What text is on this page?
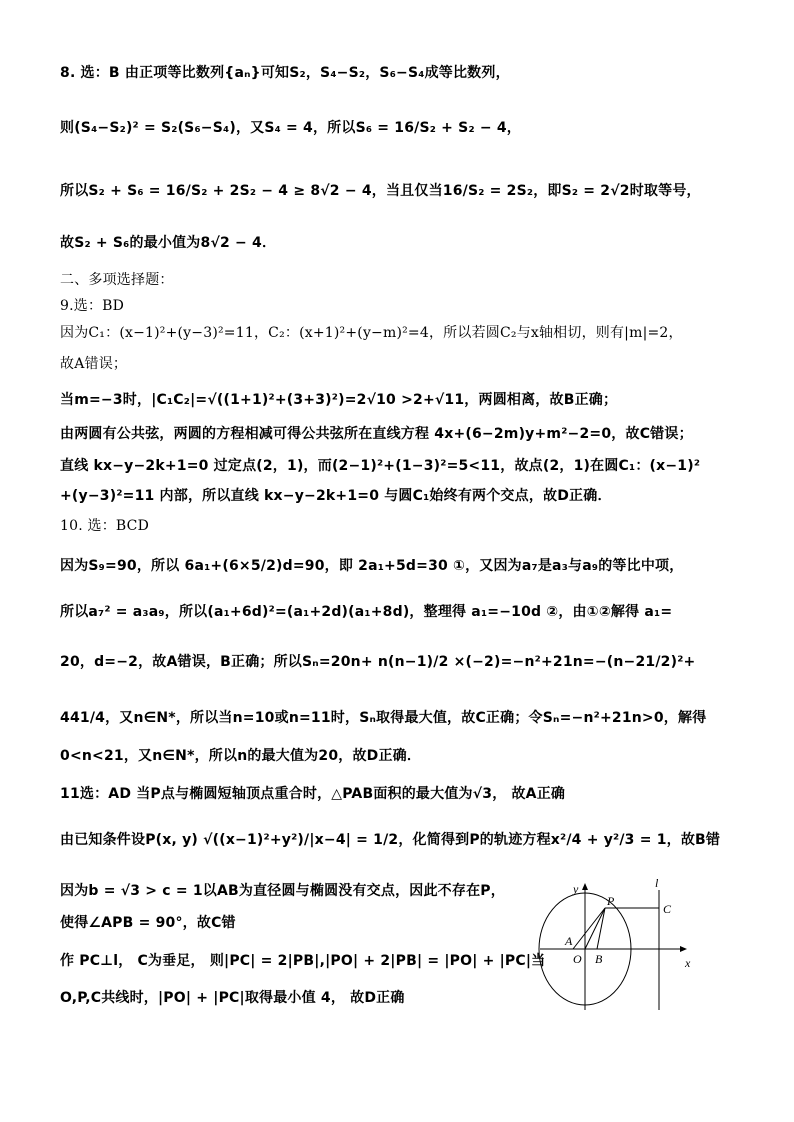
8. 选：B 由正项等比数列{aₙ}可知S₂，S₄−S₂，S₆−S₄成等比数列，
则(S₄−S₂)² = S₂(S₆−S₄)，又S₄ = 4，所以S₆ = 16/S₂ + S₂ − 4，
所以S₂ + S₆ = 16/S₂ + 2S₂ − 4 ≥ 8√2 − 4，当且仅当16/S₂ = 2S₂，即S₂ = 2√2时取等号，
故S₂ + S₆的最小值为8√2 − 4．
二、多项选择题：
9.选：BD
因为C₁：(x−1)²+(y−3)²=11，C₂：(x+1)²+(y−m)²=4，所以若圆C₂与x轴相切，则有|m|=2，
故A错误；
当m=−3时，|C₁C₂|=√((1+1)²+(3+3)²)=2√10 >2+√11，两圆相离，故B正确；
由两圆有公共弦，两圆的方程相减可得公共弦所在直线方程 4x+(6−2m)y+m²−2=0，故C错误；
直线 kx−y−2k+1=0 过定点(2，1)，而(2−1)²+(1−3)²=5<11，故点(2，1)在圆C₁：(x−1)²
+(y−3)²=11 内部，所以直线 kx−y−2k+1=0 与圆C₁始终有两个交点，故D正确．
10. 选：BCD
因为S₉=90，所以 6a₁+(6×5/2)d=90，即 2a₁+5d=30 ①，又因为a₇是a₃与a₉的等比中项，
所以a₇² = a₃a₉，所以(a₁+6d)²=(a₁+2d)(a₁+8d)，整理得 a₁=−10d ②，由①②解得 a₁=
20，d=−2，故A错误，B正确；所以Sₙ=20n+ n(n−1)/2 ×(−2)=−n²+21n=−(n−21/2)²+
441/4，又n∈N*，所以当n=10或n=11时，Sₙ取得最大值，故C正确；令Sₙ=−n²+21n>0，解得
0<n<21，又n∈N*，所以n的最大值为20，故D正确．
11选：AD 当P点与椭圆短轴顶点重合时，△PAB面积的最大值为√3， 故A正确
由已知条件设P(x, y) √((x−1)²+y²)/|x−4| = 1/2，化简得到P的轨迹方程x²/4 + y²/3 = 1，故B错
因为b = √3 > c = 1以AB为直径圆与椭圆没有交点，因此不存在P，
使得∠APB = 90°，故C错
作 PC⊥l， C为垂足， 则|PC| = 2|PB|,|PO| + 2|PB| = |PO| + |PC|当
O,P,C共线时，|PO| + |PC|取得最小值 4， 故D正确
y
x
l
P
C
A
O B
